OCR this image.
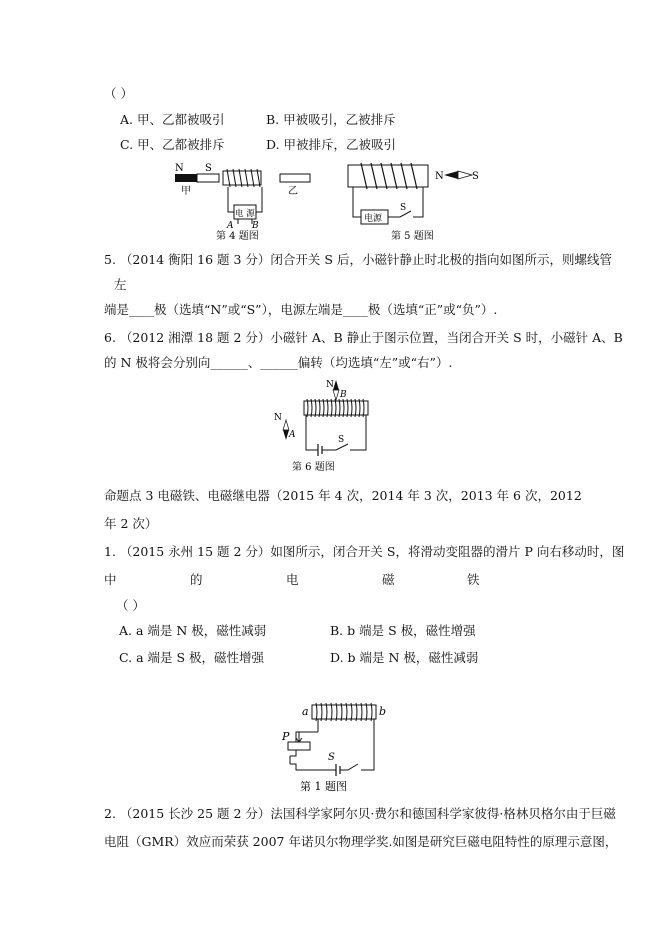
（ ）
A. 甲、乙都被吸引	B. 甲被吸引，乙被排斥
C. 甲、乙都被排斥	D. 甲被排斥，乙被吸引
N S
甲	乙
电 源
A B
第 4 题图
N	S
电源
S
第 5 题图
5. （2014 衡阳 16 题 3 分）闭合开关 S 后，小磁针静止时北极的指向如图所示，则螺线管
左
端是____极（选填“N”或“S”），电源左端是____极（选填“正”或“负”）.
6. （2012 湘潭 18 题 2 分）小磁针 A、B 静止于图示位置，当闭合开关 S 时，小磁针 A、B
的 N 极将会分别向______、______偏转（均选填“左”或“右”）.
N
B
N
A	S
第 6 题图
命题点 3 电磁铁、电磁继电器（2015 年 4 次，2014 年 3 次，2013 年 6 次，2012
年 2 次）
1. （2015 永州 15 题 2 分）如图所示，闭合开关 S，将滑动变阻器的滑片 P 向右移动时，图
中	的	电	磁	铁
（ ）
A. a 端是 N 极，磁性减弱	B. b 端是 S 极，磁性增强
C. a 端是 S 极，磁性增强	D. b 端是 N 极，磁性减弱
a	b
P
S
第 1 题图
2. （2015 长沙 25 题 2 分）法国科学家阿尔贝·费尔和德国科学家彼得·格林贝格尔由于巨磁
电阻（GMR）效应而荣获 2007 年诺贝尔物理学奖.如图是研究巨磁电阻特性的原理示意图，
